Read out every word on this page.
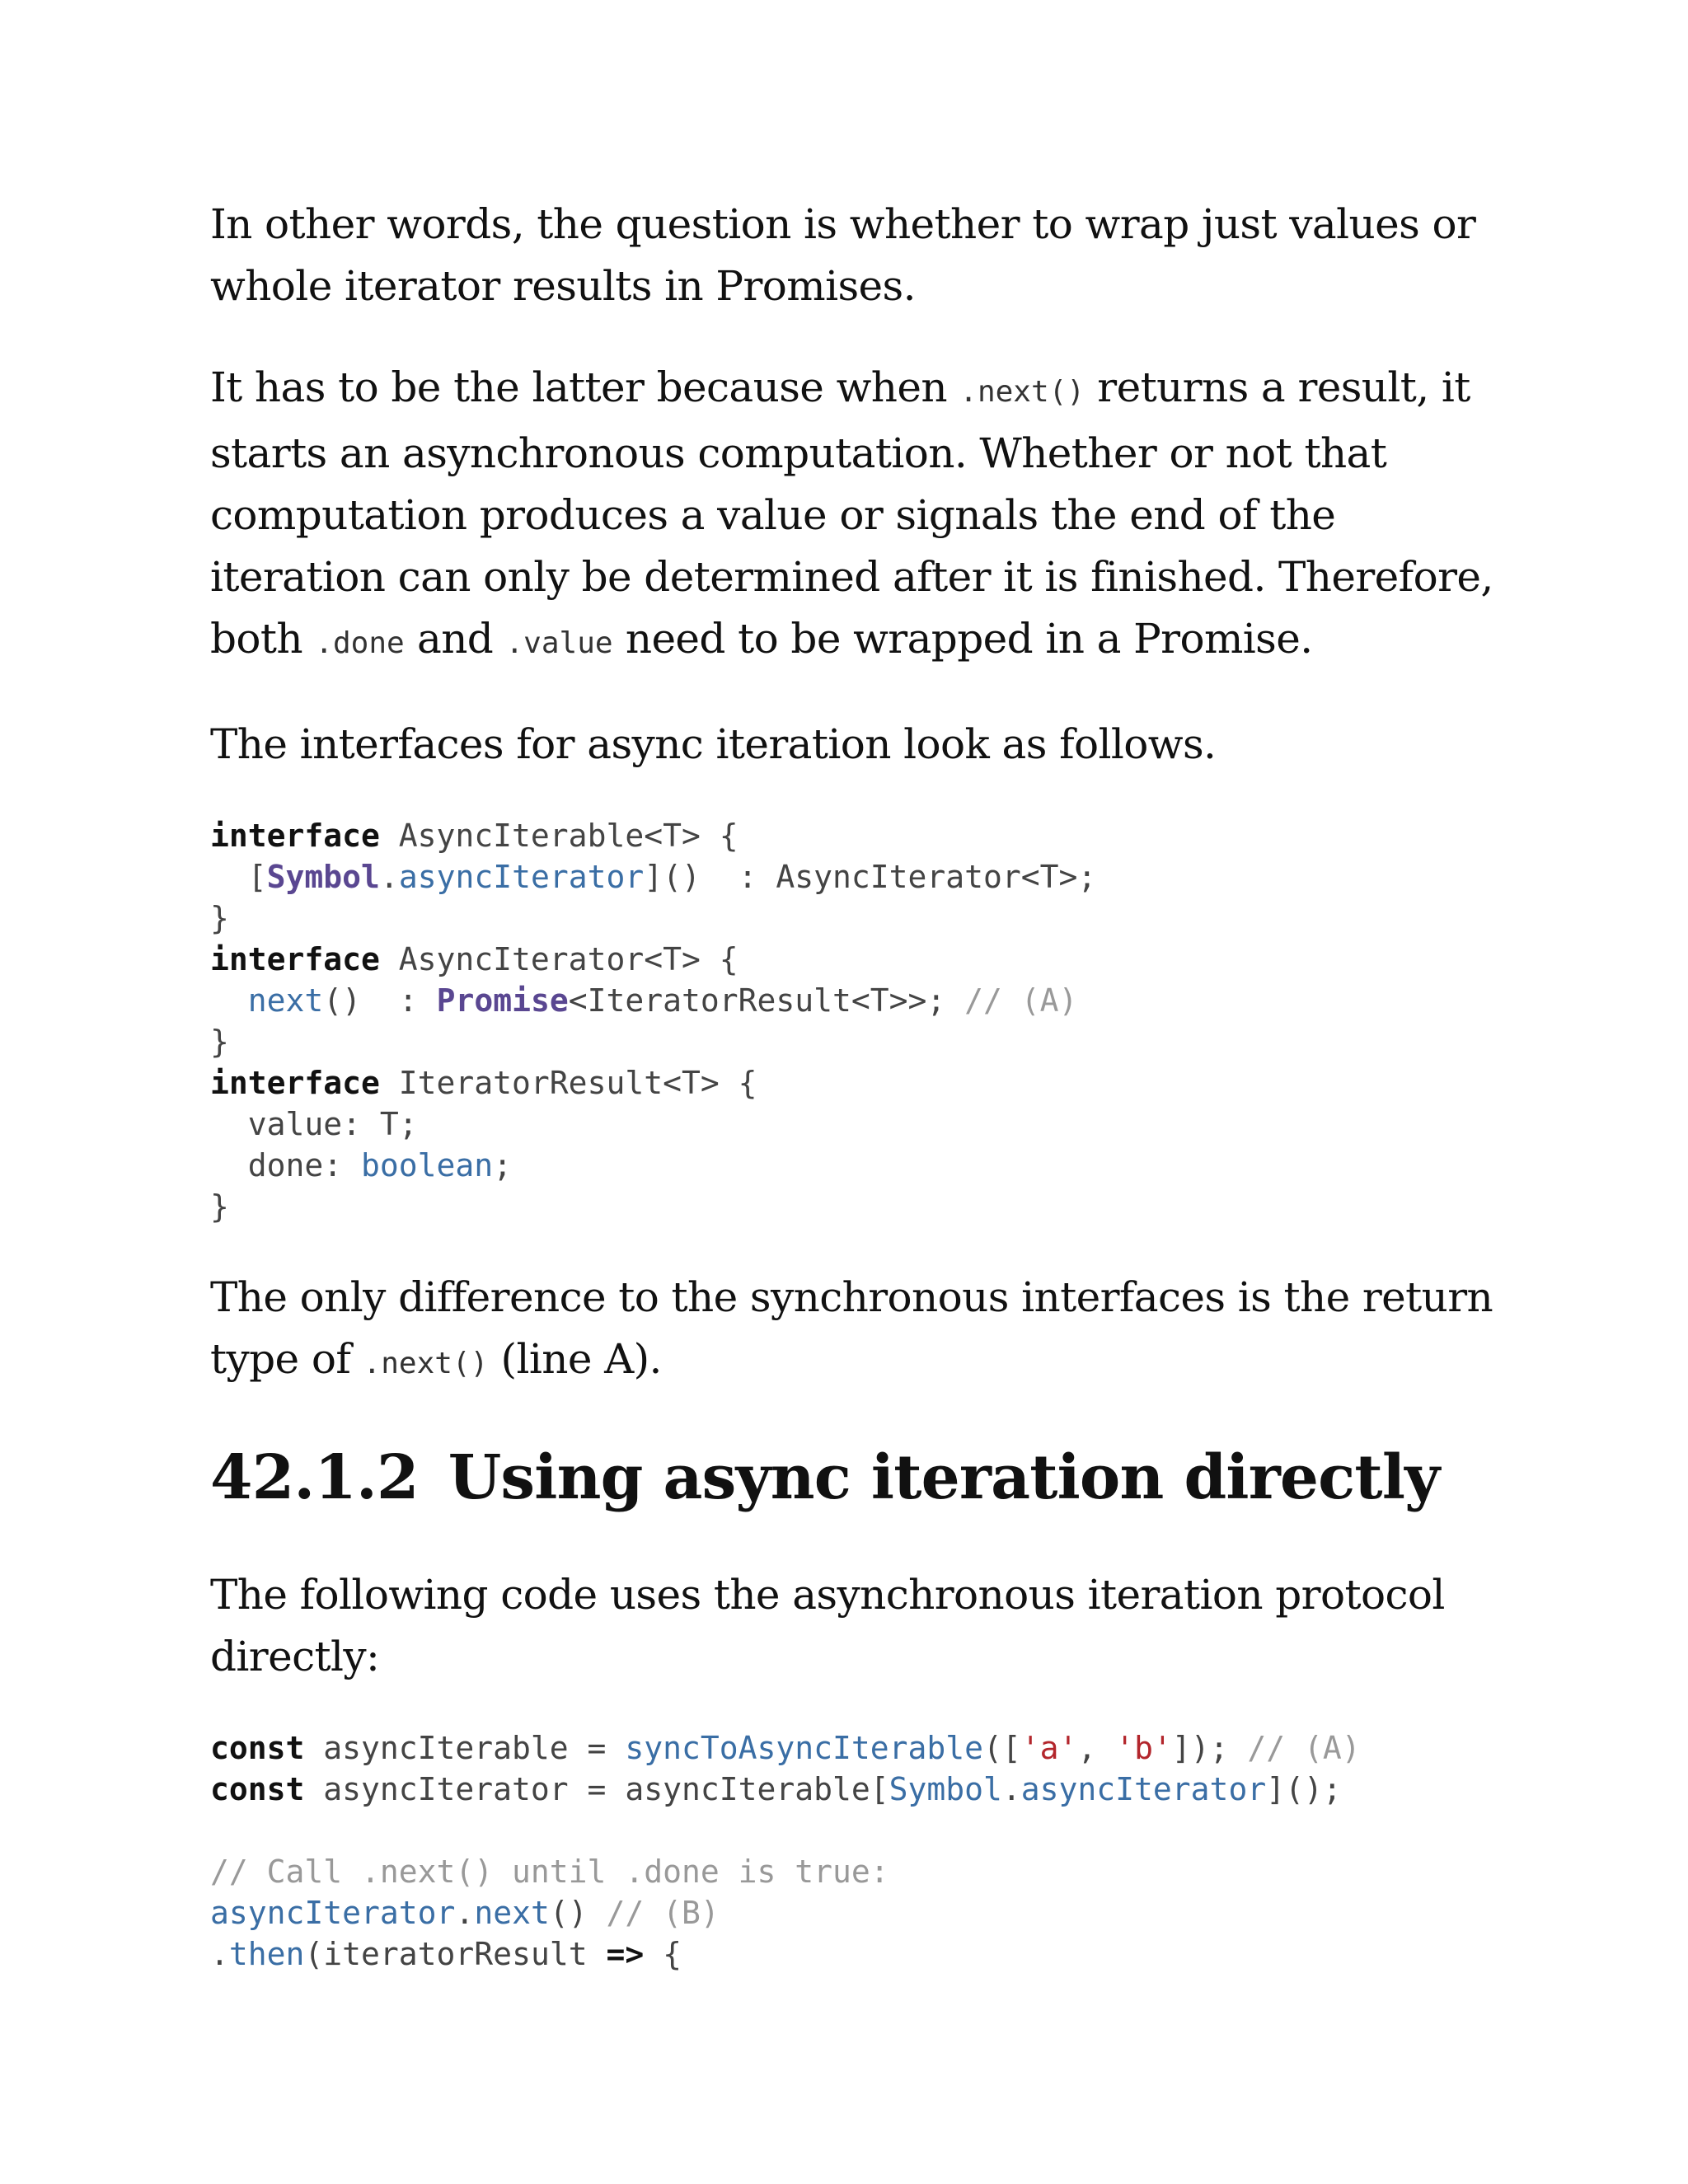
In other words, the question is whether to wrap just values or whole iterator results in Promises.

It has to be the latter because when .next() returns a result, it starts an asynchronous computation. Whether or not that computation produces a value or signals the end of the iteration can only be determined after it is finished. Therefore, both .done and .value need to be wrapped in a Promise.

The interfaces for async iteration look as follows.

interface AsyncIterable<T> {
[Symbol.asyncIterator]()  : AsyncIterator<T>;
}
interface AsyncIterator<T> {
next()  : Promise<IteratorResult<T>>; // (A)
}
interface IteratorResult<T> {
value: T;
done: boolean;
}

The only difference to the synchronous interfaces is the return type of .next() (line A).

42.1.2 Using async iteration directly

The following code uses the asynchronous iteration protocol directly:

const asyncIterable = syncToAsyncIterable(['a', 'b']); // (A)
const asyncIterator = asyncIterable[Symbol.asyncIterator]();

// Call .next() until .done is true:
asyncIterator.next() // (B)
.then(iteratorResult => {
